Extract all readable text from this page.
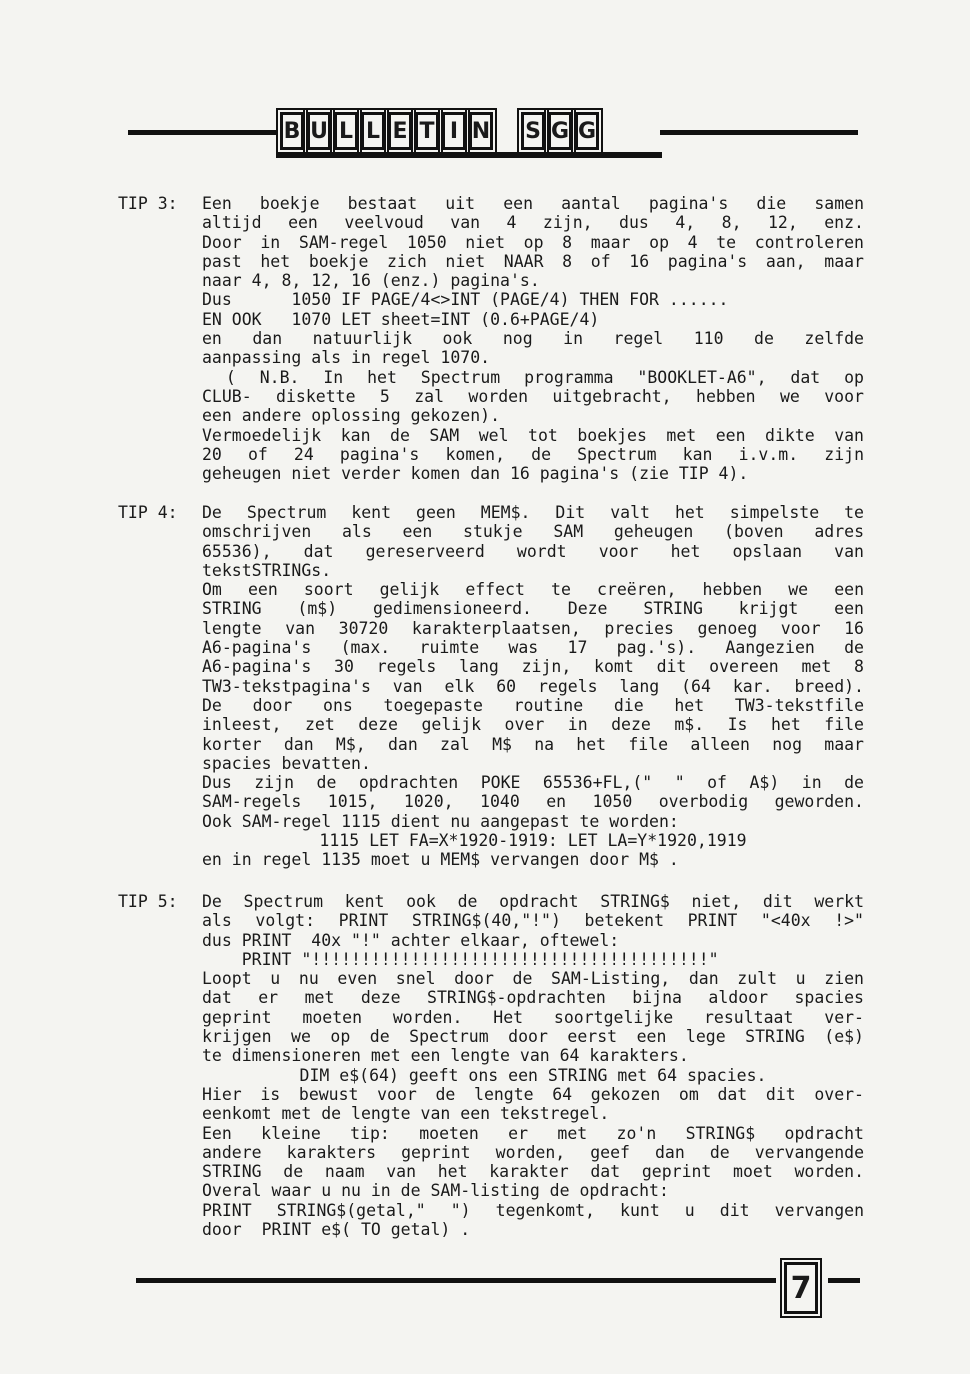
B U L L E T I N S G G
TIP 3:	Een boekje bestaat uit een aantal pagina's die samen
altijd een veelvoud van 4 zijn, dus 4, 8, 12, enz.
Door in SAM-regel 1050 niet op 8 maar op 4 te controleren
past het boekje zich niet NAAR 8 of 16 pagina's aan, maar
naar 4, 8, 12, 16 (enz.) pagina's.
Dus      1050 IF PAGE/4<>INT (PAGE/4) THEN FOR ......
EN OOK   1070 LET sheet=INT (0.6+PAGE/4)
en dan natuurlijk ook nog in regel 110 de zelfde
aanpassing als in regel 1070.
( N.B. In het Spectrum programma "BOOKLET-A6", dat op
CLUB- diskette 5 zal worden uitgebracht, hebben we voor
een andere oplossing gekozen).
Vermoedelijk kan de SAM wel tot boekjes met een dikte van
20 of 24 pagina's komen, de Spectrum kan i.v.m. zijn
geheugen niet verder komen dan 16 pagina's (zie TIP 4).
TIP 4:	De Spectrum kent geen MEM$. Dit valt het simpelste te
omschrijven als een stukje SAM geheugen (boven adres
65536), dat gereserveerd wordt voor het opslaan van
tekstSTRINGs.
Om een soort gelijk effect te creëren, hebben we een
STRING (m$) gedimensioneerd. Deze STRING krijgt een
lengte van 30720 karakterplaatsen, precies genoeg voor 16
A6-pagina's (max. ruimte was 17 pag.'s). Aangezien de
A6-pagina's 30 regels lang zijn, komt dit overeen met 8
TW3-tekstpagina's van elk 60 regels lang (64 kar. breed).
De door ons toegepaste routine die het TW3-tekstfile
inleest, zet deze gelijk over in deze m$. Is het file
korter dan M$, dan zal M$ na het file alleen nog maar
spacies bevatten.
Dus zijn de opdrachten POKE 65536+FL,(" " of A$) in de
SAM-regels 1015, 1020, 1040 en 1050 overbodig geworden.
Ook SAM-regel 1115 dient nu aangepast te worden:
1115 LET FA=X*1920-1919: LET LA=Y*1920,1919
en in regel 1135 moet u MEM$ vervangen door M$ .
TIP 5:	De Spectrum kent ook de opdracht STRING$ niet, dit werkt
als volgt: PRINT STRING$(40,"!") betekent PRINT "<40x !>"
dus PRINT  40x "!" achter elkaar, oftewel:
PRINT "!!!!!!!!!!!!!!!!!!!!!!!!!!!!!!!!!!!!!!!!"
Loopt u nu even snel door de SAM-Listing, dan zult u zien
dat er met deze STRING$-opdrachten bijna aldoor spacies
geprint moeten worden. Het soortgelijke resultaat ver-
krijgen we op de Spectrum door eerst een lege STRING (e$)
te dimensioneren met een lengte van 64 karakters.
DIM e$(64) geeft ons een STRING met 64 spacies.
Hier is bewust voor de lengte 64 gekozen om dat dit over-
eenkomt met de lengte van een tekstregel.
Een kleine tip: moeten er met zo'n STRING$ opdracht
andere karakters geprint worden, geef dan de vervangende
STRING de naam van het karakter dat geprint moet worden.
Overal waar u nu in de SAM-listing de opdracht:
PRINT STRING$(getal," ") tegenkomt, kunt u dit vervangen
door  PRINT e$( TO getal) .
7
